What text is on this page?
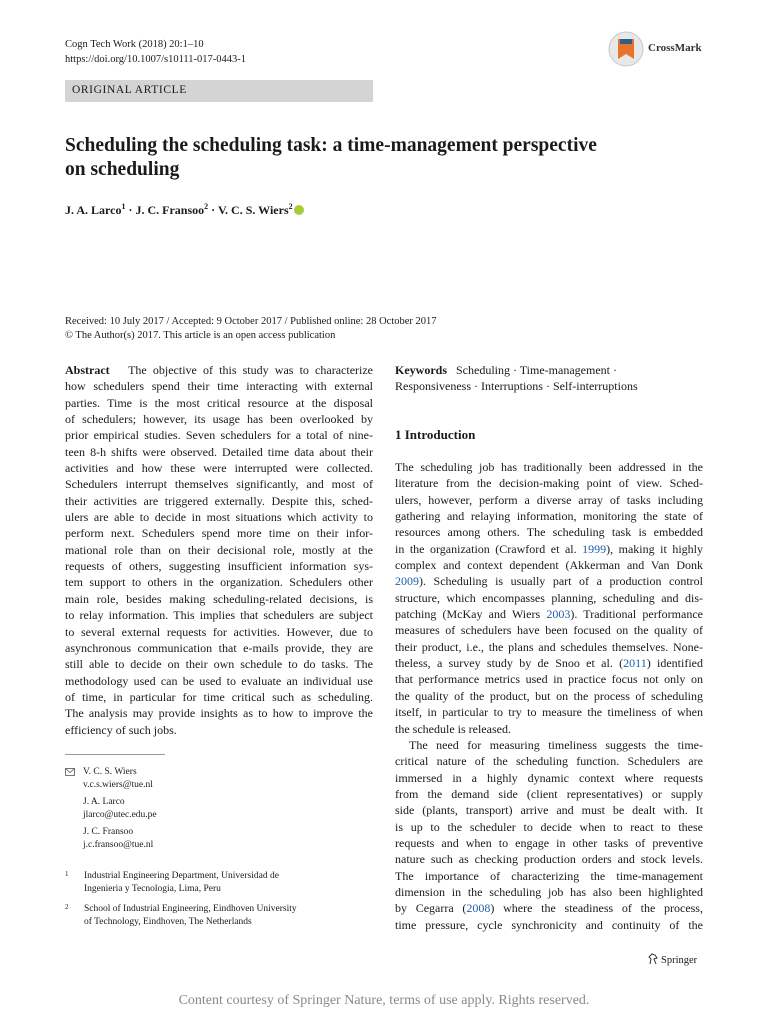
Cogn Tech Work (2018) 20:1–10
https://doi.org/10.1007/s10111-017-0443-1
CrossMark
ORIGINAL ARTICLE
Scheduling the scheduling task: a time-management perspective
on scheduling
J. A. Larco$^1$ · J. C. Fransoo$^2$ · V. C. S. Wiers$^2$
Received: 10 July 2017 / Accepted: 9 October 2017 / Published online: 28 October 2017
© The Author(s) 2017. This article is an open access publication
Abstract The objective of this study was to characterize
how schedulers spend their time interacting with external
parties. Time is the most critical resource at the disposal
of schedulers; however, its usage has been overlooked by
prior empirical studies. Seven schedulers for a total of nine-
teen 8-h shifts were observed. Detailed time data about their
activities and how these were interrupted were collected.
Schedulers interrupt themselves significantly, and most of
their activities are triggered externally. Despite this, sched-
ulers are able to decide in most situations which activity to
perform next. Schedulers spend more time on their infor-
mational role than on their decisional role, mostly at the
requests of others, suggesting insufficient information sys-
tem support to others in the organization. Schedulers other
main role, besides making scheduling-related decisions, is
to relay information. This implies that schedulers are subject
to several external requests for activities. However, due to
asynchronous communication that e-mails provide, they are
still able to decide on their own schedule to do tasks. The
methodology used can be used to evaluate an individual use
of time, in particular for time critical such as scheduling.
The analysis may provide insights as to how to improve the
efficiency of such jobs.
Keywords Scheduling · Time-management ·
Responsiveness · Interruptions · Self-interruptions
1 Introduction
The scheduling job has traditionally been addressed in the
literature from the decision-making point of view. Sched-
ulers, however, perform a diverse array of tasks including
gathering and relaying information, monitoring the state of
resources among others. The scheduling task is embedded
in the organization (Crawford et al. 1999), making it highly
complex and context dependent (Akkerman and Van Donk
2009). Scheduling is usually part of a production control
structure, which encompasses planning, scheduling and dis-
patching (McKay and Wiers 2003). Traditional performance
measures of schedulers have been focused on the quality of
their product, i.e., the plans and schedules themselves. None-
theless, a survey study by de Snoo et al. (2011) identified
that performance metrics used in practice focus not only on
the quality of the product, but on the process of scheduling
itself, in particular to try to measure the timeliness of when
the schedule is released.
The need for measuring timeliness suggests the time-
critical nature of the scheduling function. Schedulers are
immersed in a highly dynamic context where requests
from the demand side (client representatives) or supply
side (plants, transport) arrive and must be dealt with. It
is up to the scheduler to decide when to react to these
requests and when to engage in other tasks of preventive
nature such as checking production orders and stock levels.
The importance of characterizing the time-management
dimension in the scheduling job has also been highlighted
by Cegarra (2008) where the steadiness of the process,
time pressure, cycle synchronicity and continuity of the
V. C. S. Wiers
v.c.s.wiers@tue.nl
J. A. Larco
jlarco@utec.edu.pe
J. C. Fransoo
j.c.fransoo@tue.nl
1 Industrial Engineering Department, Universidad de
Ingenieria y Tecnologia, Lima, Peru
2 School of Industrial Engineering, Eindhoven University
of Technology, Eindhoven, The Netherlands
Springer
Content courtesy of Springer Nature, terms of use apply. Rights reserved.
